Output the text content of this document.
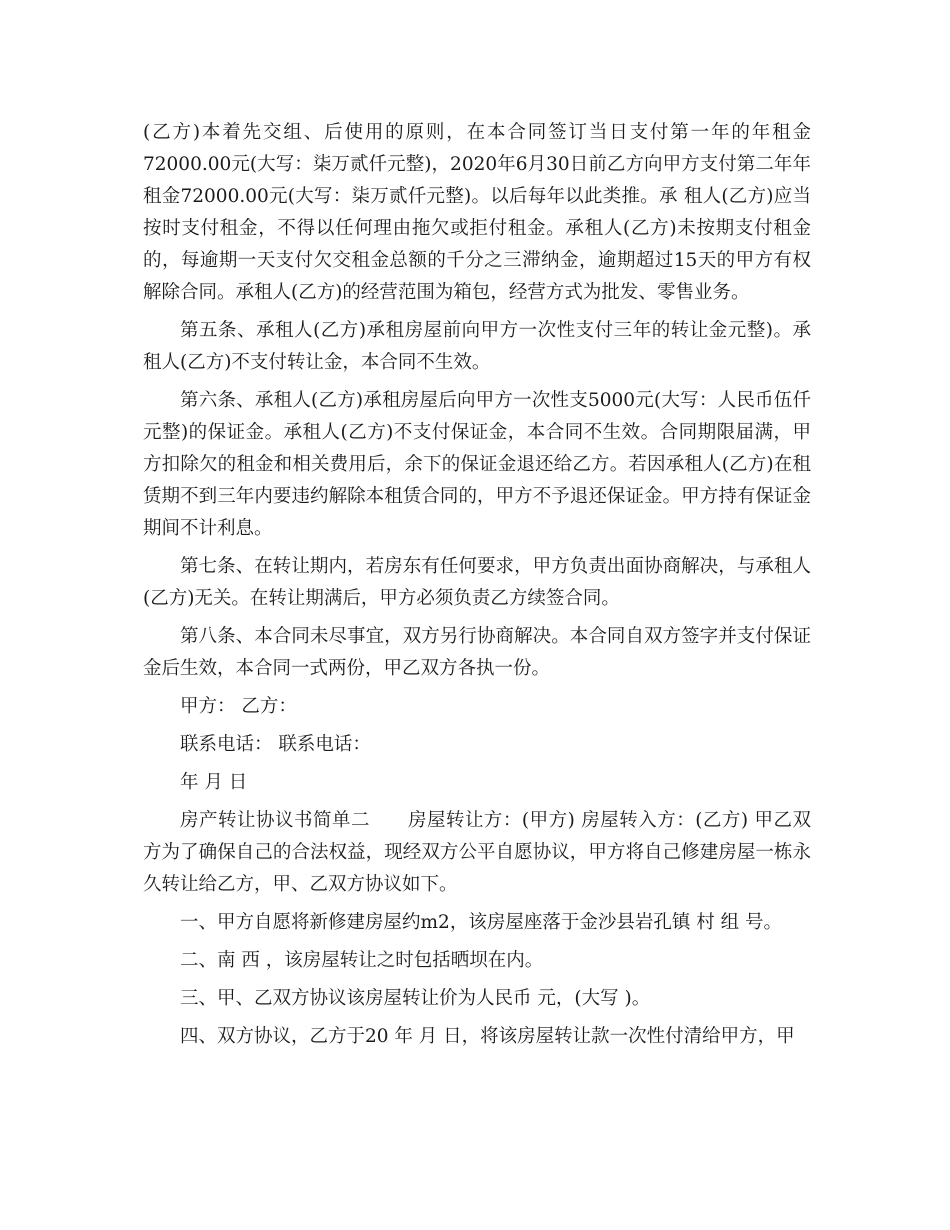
(乙方)本着先交组、后使用的原则，在本合同签订当日支付第一年的年租金72000.00元(大写：柒万贰仟元整)，2020年6月30日前乙方向甲方支付第二年年租金72000.00元(大写：柒万贰仟元整)。以后每年以此类推。承 租人(乙方)应当按时支付租金，不得以任何理由拖欠或拒付租金。承租人(乙方)未按期支付租金的，每逾期一天支付欠交租金总额的千分之三滞纳金，逾期超过15天的甲方有权解除合同。承租人(乙方)的经营范围为箱包，经营方式为批发、零售业务。

第五条、承租人(乙方)承租房屋前向甲方一次性支付三年的转让金元整)。承租人(乙方)不支付转让金，本合同不生效。

第六条、承租人(乙方)承租房屋后向甲方一次性支5000元(大写：人民币伍仟元整)的保证金。承租人(乙方)不支付保证金，本合同不生效。合同期限届满，甲方扣除欠的租金和相关费用后，余下的保证金退还给乙方。若因承租人(乙方)在租赁期不到三年内要违约解除本租赁合同的，甲方不予退还保证金。甲方持有保证金期间不计利息。

第七条、在转让期内，若房东有任何要求，甲方负责出面协商解决，与承租人(乙方)无关。在转让期满后，甲方必须负责乙方续签合同。

第八条、本合同未尽事宜，双方另行协商解决。本合同自双方签字并支付保证金后生效，本合同一式两份，甲乙双方各执一份。

甲方： 乙方：

联系电话： 联系电话：

年 月 日

房产转让协议书简单二　　房屋转让方：(甲方) 房屋转入方：(乙方) 甲乙双方为了确保自己的合法权益，现经双方公平自愿协议，甲方将自己修建房屋一栋永久转让给乙方，甲、乙双方协议如下。

一、甲方自愿将新修建房屋约m2，该房屋座落于金沙县岩孔镇 村 组 号。

二、南 西 ，该房屋转让之时包括晒坝在内。

三、甲、乙双方协议该房屋转让价为人民币 元，(大写 )。

四、双方协议，乙方于20 年 月 日，将该房屋转让款一次性付清给甲方，甲
